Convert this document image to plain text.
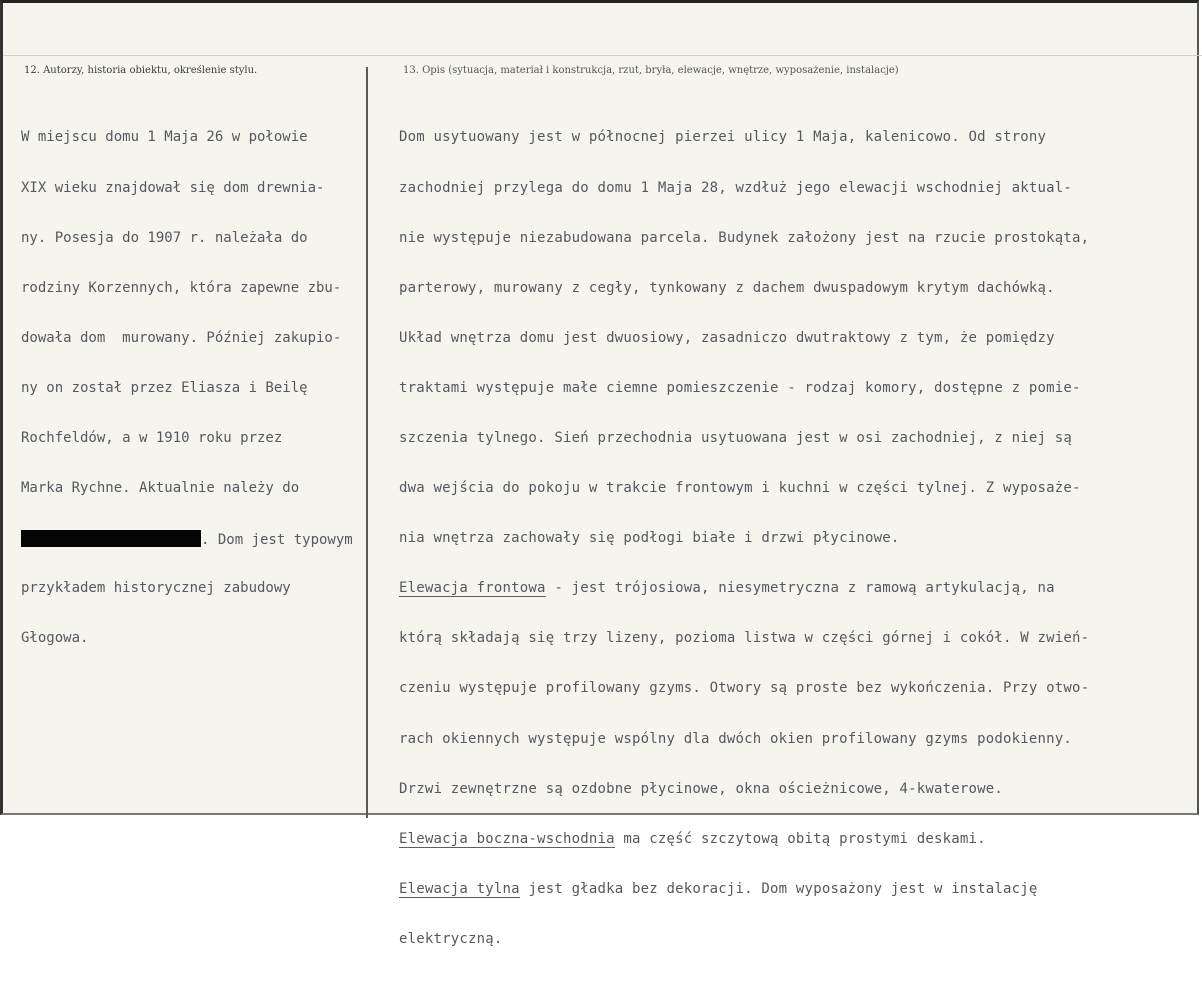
12. Autorzy, historia obiektu, określenie stylu.	13. Opis (sytuacja, materiał i konstrukcja, rzut, bryła, elewacje, wnętrze, wyposażenie, instalacje)

W miejscu domu 1 Maja 26 w połowie

XIX wieku znajdował się dom drewnia-

ny. Posesja do 1907 r. należała do

rodziny Korzennych, która zapewne zbu-

dowała dom  murowany. Później zakupio-

ny on został przez Eliasza i Beilę

Rochfeldów, a w 1910 roku przez

Marka Rychne. Aktualnie należy do

. Dom jest typowym

przykładem historycznej zabudowy

Głogowa.

Dom usytuowany jest w północnej pierzei ulicy 1 Maja, kalenicowo. Od strony

zachodniej przylega do domu 1 Maja 28, wzdłuż jego elewacji wschodniej aktual-

nie występuje niezabudowana parcela. Budynek założony jest na rzucie prostokąta,

parterowy, murowany z cegły, tynkowany z dachem dwuspadowym krytym dachówką.

Układ wnętrza domu jest dwuosiowy, zasadniczo dwutraktowy z tym, że pomiędzy

traktami występuje małe ciemne pomieszczenie - rodzaj komory, dostępne z pomie-

szczenia tylnego. Sień przechodnia usytuowana jest w osi zachodniej, z niej są

dwa wejścia do pokoju w trakcie frontowym i kuchni w części tylnej. Z wyposaże-

nia wnętrza zachowały się podłogi białe i drzwi płycinowe.

Elewacja frontowa - jest trójosiowa, niesymetryczna z ramową artykulacją, na

którą składają się trzy lizeny, pozioma listwa w części górnej i cokół. W zwień-

czeniu występuje profilowany gzyms. Otwory są proste bez wykończenia. Przy otwo-

rach okiennych występuje wspólny dla dwóch okien profilowany gzyms podokienny.

Drzwi zewnętrzne są ozdobne płycinowe, okna ościeżnicowe, 4-kwaterowe.

Elewacja boczna-wschodnia ma część szczytową obitą prostymi deskami.

Elewacja tylna jest gładka bez dekoracji. Dom wyposażony jest w instalację

elektryczną.
